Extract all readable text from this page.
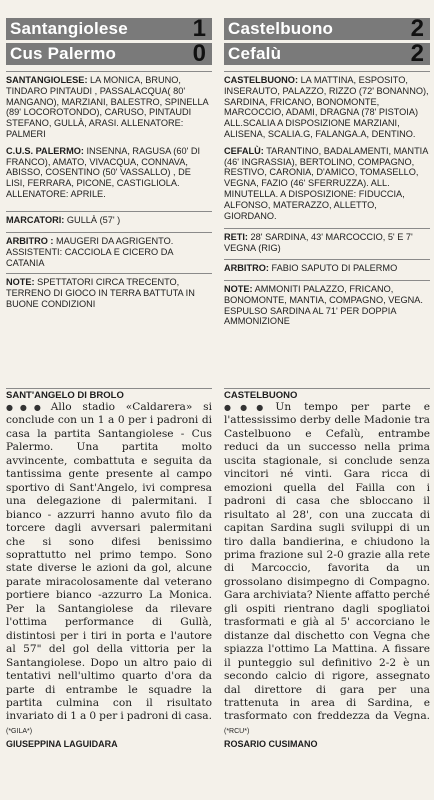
Santangiolese	1
Cus Palermo	0
SANTANGIOLESE: LA MONICA, BRUNO, TINDARO PINTAUDI , PASSALACQUA( 80' MANGANO), MARZIANI, BALESTRO, SPINELLA (89' LOCOROTONDO), CARUSO, PINTAUDI STEFANO, GULLÀ, ARASI. ALLENATORE: PALMERI
C.U.S. PALERMO: INSENNA, RAGUSA (60' DI FRANCO), AMATO, VIVACQUA, CONNAVA, ABISSO, COSENTINO (50' VASSALLO) , DE LISI, FERRARA, PICONE, CASTIGLIOLA. ALLENATORE: APRILE.
MARCATORI: GULLÀ (57' )
ARBITRO : MAUGERI DA AGRIGENTO. ASSISTENTI: CACCIOLA E CICERO DA CATANIA
NOTE: SPETTATORI CIRCA TRECENTO, TERRENO DI GIOCO IN TERRA BATTUTA IN BUONE CONDIZIONI
SANT'ANGELO DI BROLO
●●● Allo stadio «Caldarera» si conclude con un 1 a 0 per i padroni di casa la partita Santangiolese - Cus Palermo. Una partita molto avvincente, combattuta e seguita da tantissima gente presente al campo sportivo di Sant'Angelo, ivi compresa una delegazione di palermitani. I bianco - azzurri hanno avuto filo da torcere dagli avversari palermitani che si sono difesi benissimo soprattutto nel primo tempo. Sono state diverse le azioni da gol, alcune parate miracolosamente dal veterano portiere bianco -azzurro La Monica. Per la Santangiolese da rilevare l'ottima performance di Gullà, distintosi per i tiri in porta e l'autore al 57" del gol della vittoria per la Santangiolese. Dopo un altro paio di tentativi nell'ultimo quarto d'ora da parte di entrambe le squadre la partita culmina con il risultato invariato di 1 a 0 per i padroni di casa. (*GILA*)
GIUSEPPINA LAGUIDARA
Castelbuono	2
Cefalù	2
CASTELBUONO: LA MATTINA, ESPOSITO, INSERAUTO, PALAZZO, RIZZO (72' BONANNO), SARDINA, FRICANO, BONOMONTE, MARCOCCIO, ADAMI, DRAGNA (78' PISTOIA) ALL.SCALIA A DISPOSIZIONE MARZIANI, ALISENA, SCALIA.G, FALANGA.A, DENTINO.
CEFALÙ: TARANTINO, BADALAMENTI, MANTIA (46' INGRASSIA), BERTOLINO, COMPAGNO, RESTIVO, CARONIA, D'AMICO, TOMASELLO, VEGNA, FAZIO (46' SFERRUZZA). ALL. MINUTELLA. A DISPOSIZIONE: FIDUCCIA, ALFONSO, MATERAZZO, ALLETTO, GIORDANO.
RETI: 28' SARDINA, 43' MARCOCCIO, 5' E 7' VEGNA (RIG)
ARBITRO: FABIO SAPUTO DI PALERMO
NOTE: AMMONITI PALAZZO, FRICANO, BONOMONTE, MANTIA, COMPAGNO, VEGNA. ESPULSO SARDINA AL 71' PER DOPPIA AMMONIZIONE
CASTELBUONO
●●● Un tempo per parte e l'attessissimo derby delle Madonie tra Castelbuono e Cefalù, entrambe reduci da un successo nella prima uscita stagionale, si conclude senza vincitori né vinti. Gara ricca di emozioni quella del Failla con i padroni di casa che sbloccano il risultato al 28', con una zuccata di capitan Sardina sugli sviluppi di un tiro dalla bandierina, e chiudono la prima frazione sul 2-0 grazie alla rete di Marcoccio, favorita da un grossolano disimpegno di Compagno. Gara archiviata? Niente affatto perché gli ospiti rientrano dagli spogliatoi trasformati e già al 5' accorciano le distanze dal dischetto con Vegna che spiazza l'ottimo La Mattina. A fissare il punteggio sul definitivo 2-2 è un secondo calcio di rigore, assegnato dal direttore di gara per una trattenuta in area di Sardina, e trasformato con freddezza da Vegna. (*RCU*)
ROSARIO CUSIMANO
